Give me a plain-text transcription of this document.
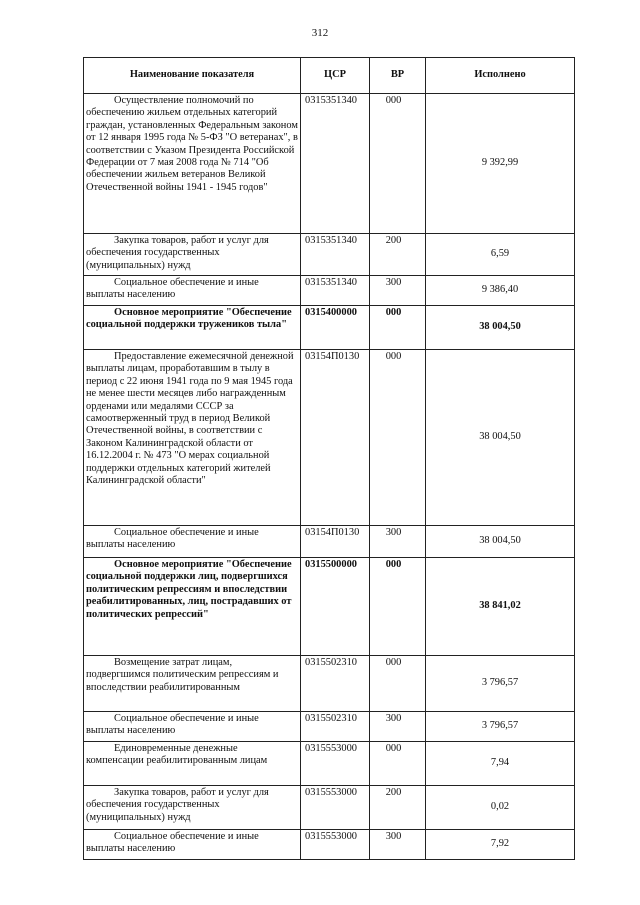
312
Наименование показателя	ЦСР	ВР	Исполнено
Осуществление полномочий по обеспечению жильем отдельных категорий граждан, установленных Федеральным законом от 12 января 1995 года № 5-ФЗ "О ветеранах", в соответствии с Указом Президента Российской Федерации от 7 мая 2008 года № 714 "Об обеспечении жильем ветеранов Великой Отечественной войны 1941 - 1945 годов"	0315351340	000	9 392,99
Закупка товаров, работ и услуг для обеспечения государственных (муниципальных) нужд	0315351340	200	6,59
Социальное обеспечение и иные выплаты населению	0315351340	300	9 386,40
Основное мероприятие "Обеспечение социальной поддержки тружеников тыла"	0315400000	000	38 004,50
Предоставление ежемесячной денежной выплаты лицам, проработавшим в тылу в период с 22 июня 1941 года по 9 мая 1945 года не менее шести месяцев либо награжденным орденами или медалями СССР за самоотверженный труд в период Великой Отечественной войны, в соответствии с Законом Калининградской области от 16.12.2004 г. № 473 "О мерах социальной поддержки отдельных категорий жителей Калининградской области"	03154П0130	000	38 004,50
Социальное обеспечение и иные выплаты населению	03154П0130	300	38 004,50
Основное мероприятие "Обеспечение социальной поддержки лиц, подвергшихся политическим репрессиям и впоследствии реабилитированных, лиц, пострадавших от политических репрессий"	0315500000	000	38 841,02
Возмещение затрат лицам, подвергшимся политическим репрессиям и впоследствии реабилитированным	0315502310	000	3 796,57
Социальное обеспечение и иные выплаты населению	0315502310	300	3 796,57
Единовременные денежные компенсации реабилитированным лицам	0315553000	000	7,94
Закупка товаров, работ и услуг для обеспечения государственных (муниципальных) нужд	0315553000	200	0,02
Социальное обеспечение и иные выплаты населению	0315553000	300	7,92
